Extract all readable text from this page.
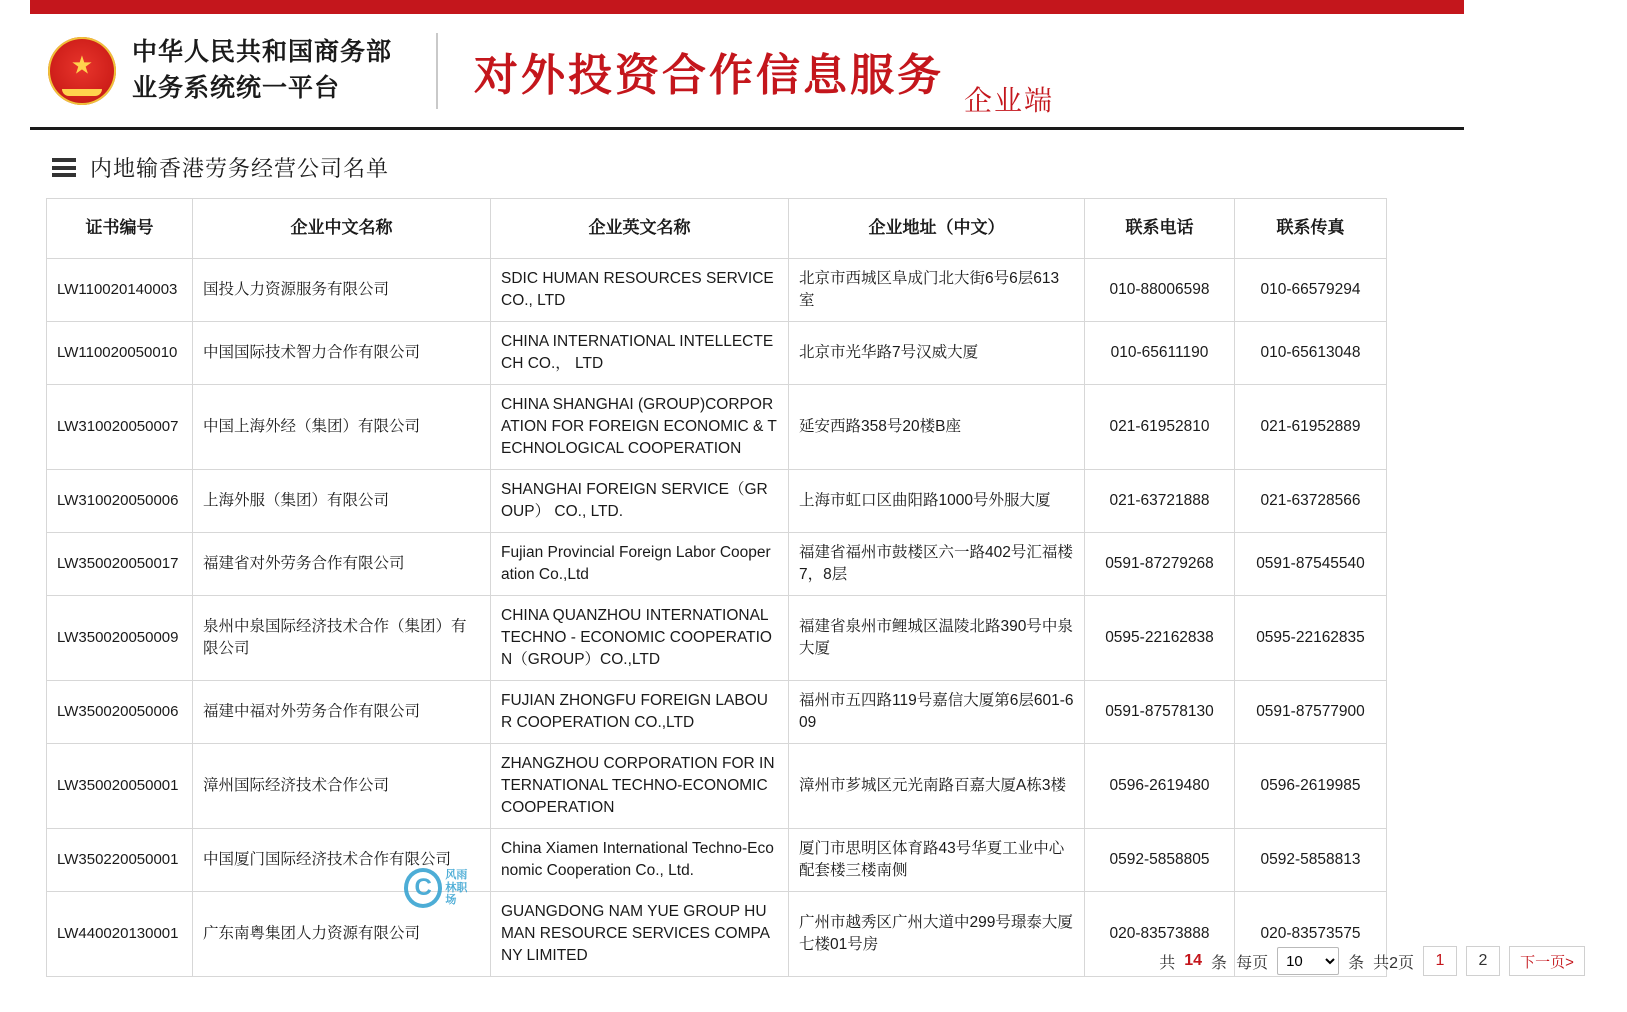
★
中华人民共和国商务部
业务系统统一平台	对外投资合作信息服务
企业端
内地输香港劳务经营公司名单
证书编号	企业中文名称	企业英文名称	企业地址（中文）	联系电话	联系传真
LW110020140003	国投人力资源服务有限公司	SDIC HUMAN RESOURCES SERVICE CO., LTD	北京市西城区阜成门北大街6号6层613室	010-88006598	010-66579294
LW110020050010	中国国际技术智力合作有限公司	CHINA INTERNATIONAL INTELLECTECH CO.， LTD	北京市光华路7号汉威大厦	010-65611190	010-65613048
LW310020050007	中国上海外经（集团）有限公司	CHINA SHANGHAI (GROUP)CORPORATION FOR FOREIGN ECONOMIC & TECHNOLOGICAL COOPERATION	延安西路358号20楼B座	021-61952810	021-61952889
LW310020050006	上海外服（集团）有限公司	SHANGHAI FOREIGN SERVICE（GROUP） CO., LTD.	上海市虹口区曲阳路1000号外服大厦	021-63721888	021-63728566
LW350020050017	福建省对外劳务合作有限公司	Fujian Provincial Foreign Labor Cooperation Co.,Ltd	福建省福州市鼓楼区六一路402号汇福楼7，8层	0591-87279268	0591-87545540
LW350020050009	泉州中泉国际经济技术合作（集团）有限公司	CHINA QUANZHOU INTERNATIONAL TECHNO - ECONOMIC COOPERATION（GROUP）CO.,LTD	福建省泉州市鲤城区温陵北路390号中泉大厦	0595-22162838	0595-22162835
LW350020050006	福建中福对外劳务合作有限公司	FUJIAN ZHONGFU FOREIGN LABOUR COOPERATION CO.,LTD	福州市五四路119号嘉信大厦第6层601-609	0591-87578130	0591-87577900
LW350020050001	漳州国际经济技术合作公司	ZHANGZHOU CORPORATION FOR INTERNATIONAL TECHNO-ECONOMIC COOPERATION	漳州市芗城区元光南路百嘉大厦A栋3楼	0596-2619480	0596-2619985
LW350220050001	中国厦门国际经济技术合作有限公司	China Xiamen International Techno-Economic Cooperation Co., Ltd.	厦门市思明区体育路43号华夏工业中心配套楼三楼南侧	0592-5858805	0592-5858813
LW440020130001	广东南粤集团人力资源有限公司	GUANGDONG NAM YUE GROUP HUMAN RESOURCE SERVICES COMPANY LIMITED	广州市越秀区广州大道中299号璟泰大厦七楼01号房	020-83573888	020-83573575
C
风雨林职场
共 14 条 每页
10	条 共2页	1	2	下一页>
